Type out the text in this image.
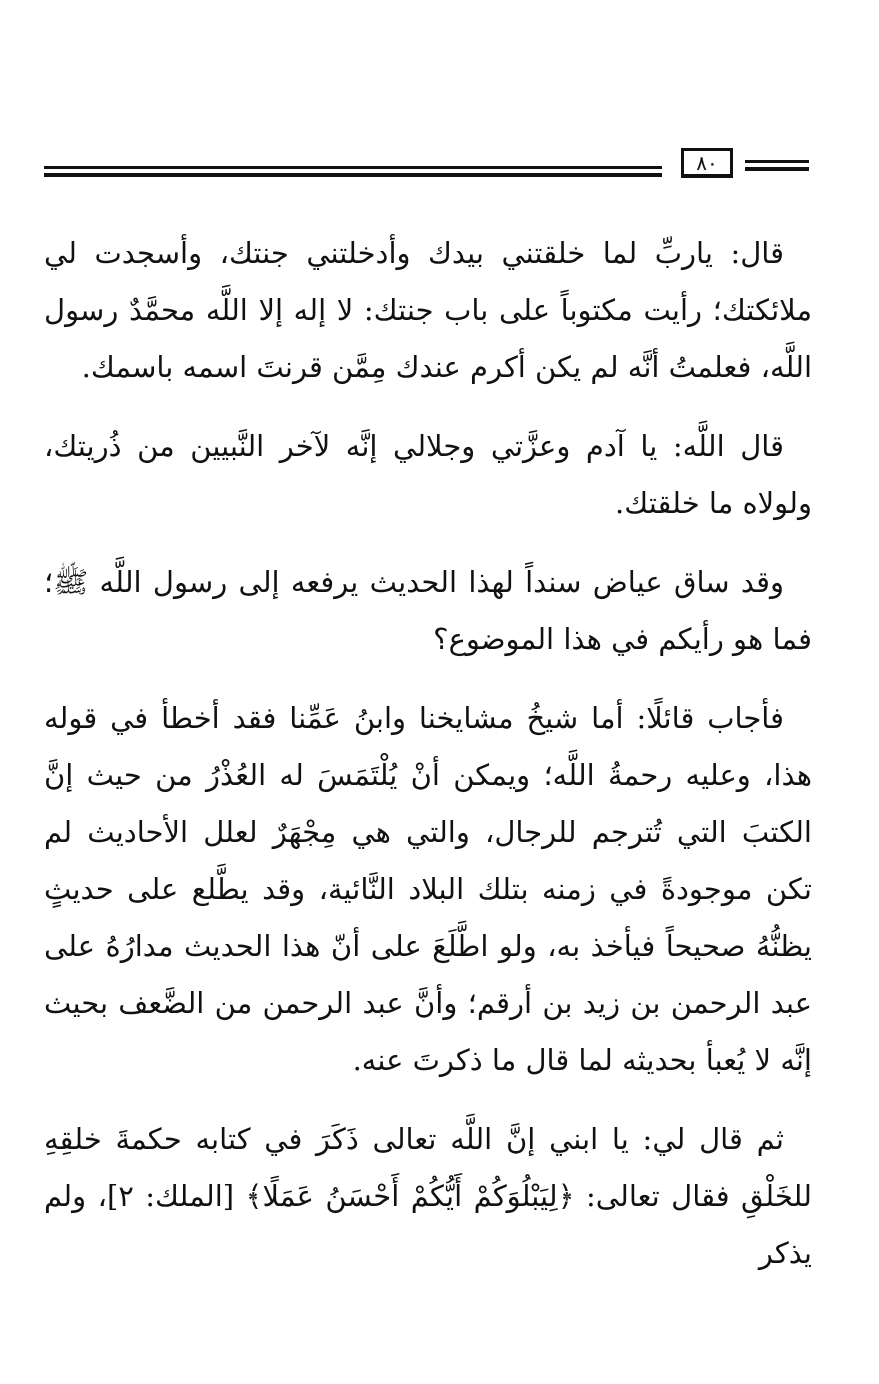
٨٠

قال: ياربِّ لما خلقتني بيدك وأدخلتني جنتك، وأسجدت لي ملائكتك؛ رأيت مكتوباً على باب جنتك: لا إله إلا اللَّه محمَّدٌ رسول اللَّه، فعلمتُ أنَّه لم يكن أكرم عندك مِمَّن قرنتَ اسمه باسمك.

قال اللَّه: يا آدم وعزَّتي وجلالي إنَّه لآخر النَّبيين من ذُريتك، ولولاه ما خلقتك.

وقد ساق عياض سنداً لهذا الحديث يرفعه إلى رسول اللَّه ﷺ؛ فما هو رأيكم في هذا الموضوع؟

فأجاب قائلًا: أما شيخُ مشايخنا وابنُ عَمِّنا فقد أخطأ في قوله هذا، وعليه رحمةُ اللَّه؛ ويمكن أنْ يُلْتَمَسَ له العُذْرُ من حيث إنَّ الكتبَ التي تُترجم للرجال، والتي هي مِجْهَرٌ لعلل الأحاديث لم تكن موجودةً في زمنه بتلك البلاد النَّائية، وقد يطَّلع على حديثٍ يظنُّهُ صحيحاً فيأخذ به، ولو اطَّلَعَ على أنّ هذا الحديث مدارُهُ على عبد الرحمن بن زيد بن أرقم؛ وأنَّ عبد الرحمن من الضَّعف بحيث إنَّه لا يُعبأ بحديثه لما قال ما ذكرتَ عنه.

ثم قال لي: يا ابني إنَّ اللَّه تعالى ذَكَرَ في كتابه حكمةَ خلقِهِ للخَلْقِ فقال تعالى: ﴿لِيَبْلُوَكُمْ أَيُّكُمْ أَحْسَنُ عَمَلًا﴾ [الملك: ٢]، ولم يذكر
